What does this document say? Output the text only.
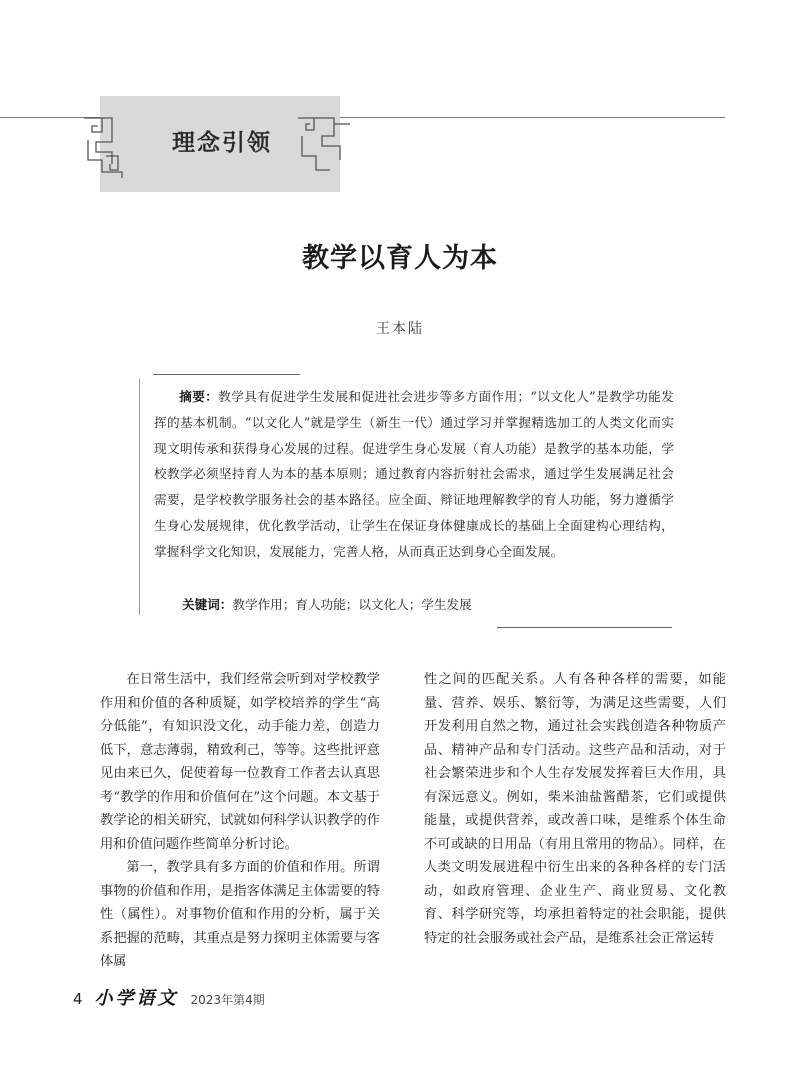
理念引领
教学以育人为本
王本陆
摘要：教学具有促进学生发展和促进社会进步等多方面作用；“以文化人”是教学功能发挥的基本机制。“以文化人”就是学生（新生一代）通过学习并掌握精选加工的人类文化而实现文明传承和获得身心发展的过程。促进学生身心发展（育人功能）是教学的基本功能，学校教学必须坚持育人为本的基本原则；通过教育内容折射社会需求，通过学生发展满足社会需要，是学校教学服务社会的基本路径。应全面、辩证地理解教学的育人功能，努力遵循学生身心发展规律，优化教学活动，让学生在保证身体健康成长的基础上全面建构心理结构，掌握科学文化知识，发展能力，完善人格，从而真正达到身心全面发展。
关键词：教学作用；育人功能；以文化人；学生发展

在日常生活中，我们经常会听到对学校教学作用和价值的各种质疑，如学校培养的学生“高分低能”，有知识没文化，动手能力差，创造力低下，意志薄弱，精致利己，等等。这些批评意见由来已久，促使着每一位教育工作者去认真思考“教学的作用和价值何在”这个问题。本文基于教学论的相关研究，试就如何科学认识教学的作用和价值问题作些简单分析讨论。

第一，教学具有多方面的价值和作用。所谓事物的价值和作用，是指客体满足主体需要的特性（属性）。对事物价值和作用的分析，属于关系把握的范畴，其重点是努力探明主体需要与客体属

性之间的匹配关系。人有各种各样的需要，如能量、营养、娱乐、繁衍等，为满足这些需要，人们开发利用自然之物，通过社会实践创造各种物质产品、精神产品和专门活动。这些产品和活动，对于社会繁荣进步和个人生存发展发挥着巨大作用，具有深远意义。例如，柴米油盐酱醋茶，它们或提供能量，或提供营养，或改善口味，是维系个体生命不可或缺的日用品（有用且常用的物品）。同样，在人类文明发展进程中衍生出来的各种各样的专门活动，如政府管理、企业生产、商业贸易、文化教育、科学研究等，均承担着特定的社会职能，提供特定的社会服务或社会产品，是维系社会正常运转

4 小学语文 2023年第4期
